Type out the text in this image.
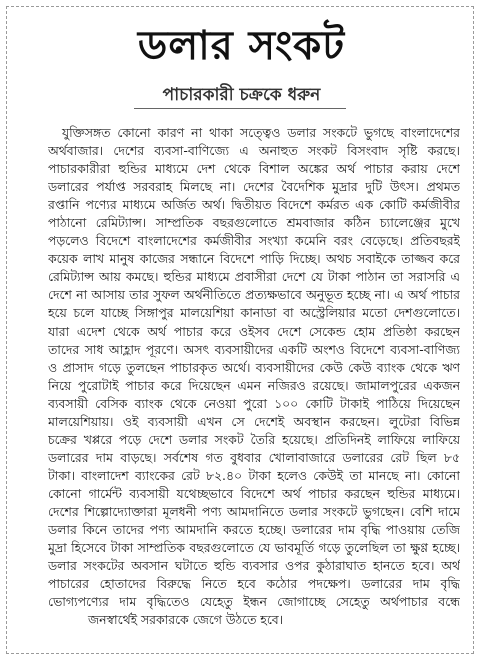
ডলার সংকট
পাচারকারী চক্রকে ধরুন
যুক্তিসঙ্গত কোনো কারণ না থাকা সত্ত্বেও ডলার সংকটে ভুগছে বাংলাদেশের
অর্থবাজার। দেশের ব্যবসা-বাণিজ্যে এ অনাহুত সংকট বিসংবাদ সৃষ্টি করছে।
পাচারকারীরা হুন্ডির মাধ্যমে দেশ থেকে বিশাল অঙ্কের অর্থ পাচার করায় দেশে
ডলারের পর্যাপ্ত সরবরাহ মিলছে না। দেশের বৈদেশিক মুদ্রার দুটি উৎস। প্রথমত
রপ্তানি পণ্যের মাধ্যমে অর্জিত অর্থ। দ্বিতীয়ত বিদেশে কর্মরত এক কোটি কর্মজীবীর
পাঠানো রেমিট্যান্স। সাম্প্রতিক বছরগুলোতে শ্রমবাজার কঠিন চ্যালেঞ্জের মুখে
পড়লেও বিদেশে বাংলাদেশের কর্মজীবীর সংখ্যা কমেনি বরং বেড়েছে। প্রতিবছরই
কয়েক লাখ মানুষ কাজের সন্ধানে বিদেশে পাড়ি দিচ্ছে। অথচ সবাইকে তাজ্জব করে
রেমিট্যান্স আয় কমছে। হুন্ডির মাধ্যমে প্রবাসীরা দেশে যে টাকা পাঠান তা সরাসরি এ
দেশে না আসায় তার সুফল অর্থনীতিতে প্রত্যক্ষভাবে অনুভূত হচ্ছে না। এ অর্থ পাচার
হয়ে চলে যাচ্ছে সিঙ্গাপুর মালয়েশিয়া কানাডা বা অস্ট্রেলিয়ার মতো দেশগুলোতে।
যারা এদেশ থেকে অর্থ পাচার করে ওইসব দেশে সেকেন্ড হোম প্রতিষ্ঠা করছেন
তাদের সাধ আহ্লাদ পূরণে। অসৎ ব্যবসায়ীদের একটি অংশও বিদেশে ব্যবসা-বাণিজ্য
ও প্রাসাদ গড়ে তুলছেন পাচারকৃত অর্থে। ব্যবসায়ীদের কেউ কেউ ব্যাংক থেকে ঋণ
নিয়ে পুরোটাই পাচার করে দিয়েছেন এমন নজিরও রয়েছে। জামালপুরের একজন
ব্যবসায়ী বেসিক ব্যাংক থেকে নেওয়া পুরো ১০০ কোটি টাকাই পাঠিয়ে দিয়েছেন
মালয়েশিয়ায়। ওই ব্যবসায়ী এখন সে দেশেই অবস্থান করছেন। লুটেরা বিভিন্ন
চক্রের খপ্পরে পড়ে দেশে ডলার সংকট তৈরি হয়েছে। প্রতিদিনই লাফিয়ে লাফিয়ে
ডলারের দাম বাড়ছে। সর্বশেষ গত বুধবার খোলাবাজারে ডলারের রেট ছিল ৮৫
টাকা। বাংলাদেশ ব্যাংকের রেট ৮২.৪০ টাকা হলেও কেউই তা মানছে না। কোনো
কোনো গার্মেন্ট ব্যবসায়ী যথেচ্ছভাবে বিদেশে অর্থ পাচার করছেন হুন্ডির মাধ্যমে।
দেশের শিল্পোদ্যোক্তারা মূলধনী পণ্য আমদানিতে ডলার সংকটে ভুগছেন। বেশি দামে
ডলার কিনে তাদের পণ্য আমদানি করতে হচ্ছে। ডলারের দাম বৃদ্ধি পাওয়ায় তেজি
মুদ্রা হিসেবে টাকা সাম্প্রতিক বছরগুলোতে যে ভাবমূর্তি গড়ে তুলেছিল তা ক্ষুণ্ণ হচ্ছে।
ডলার সংকটের অবসান ঘটাতে হুন্ডি ব্যবসার ওপর কুঠারাঘাত হানতে হবে। অর্থ
পাচারের হোতাদের বিরুদ্ধে নিতে হবে কঠোর পদক্ষেপ। ডলারের দাম বৃদ্ধি
ভোগ্যপণ্যের দাম বৃদ্ধিতেও যেহেতু ইন্ধন জোগাচ্ছে সেহেতু অর্থপাচার বন্ধে
জনস্বার্থেই সরকারকে জেগে উঠতে হবে।
